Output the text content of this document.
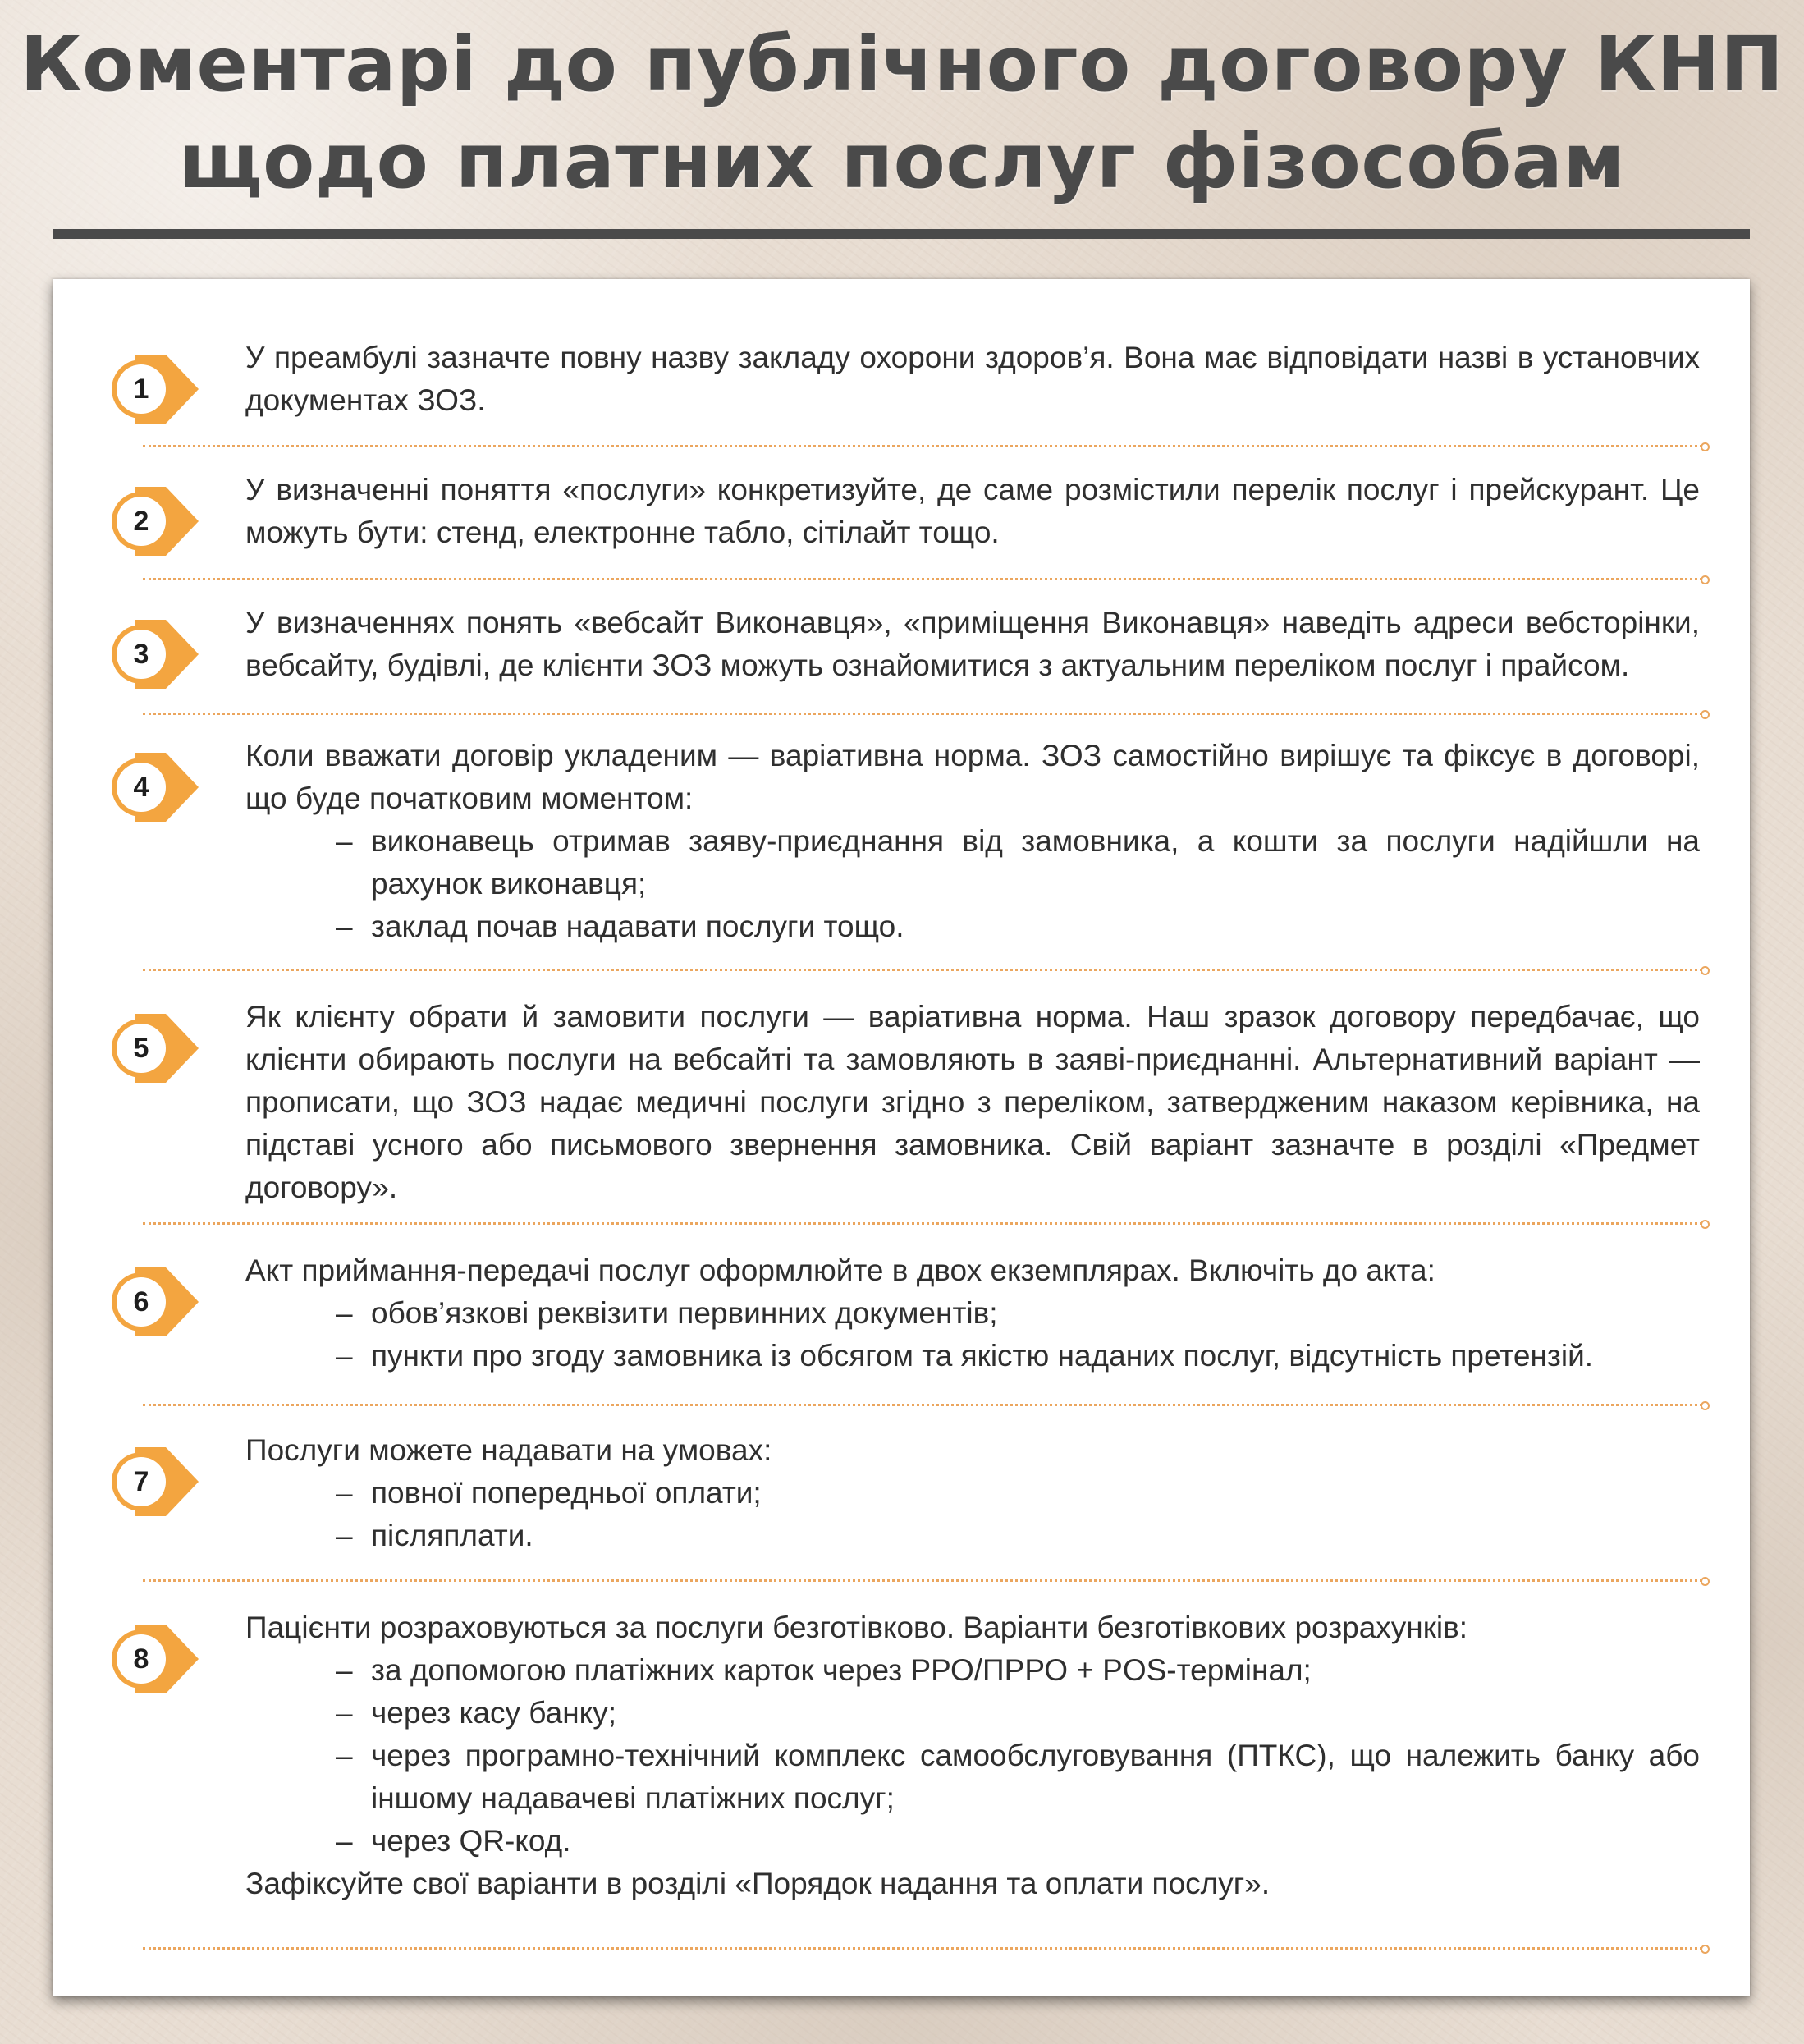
Коментарі до публічного договору КНП
щодо платних послуг фізособам
1

У преамбулі зазначте повну назву закладу охорони здоров’я. Вона має відповідати назві в установчих документах ЗОЗ.

2

У визначенні поняття «послуги» конкретизуйте, де саме розмістили перелік послуг і прейскурант. Це можуть бути: стенд, електронне табло, сітілайт тощо.

3

У визначеннях понять «вебсайт Виконавця», «приміщення Виконавця» наведіть адреси вебсторінки, вебсайту, будівлі, де клієнти ЗОЗ можуть ознайомитися з актуальним переліком послуг і прайсом.

4

Коли вважати договір укладеним — варіативна норма. ЗОЗ самостійно вирішує та фіксує в договорі, що буде початковим моментом:

– виконавець отримав заяву-приєднання від замовника, а кошти за послуги надійшли на рахунок виконавця;
– заклад почав надавати послуги тощо.
5

Як клієнту обрати й замовити послуги — варіативна норма. Наш зразок договору передбачає, що клієнти обирають послуги на вебсайті та замовляють в заяві-приєднанні. Альтернативний варіант — прописати, що ЗОЗ надає медичні послуги згідно з переліком, затвердженим наказом керівника, на підставі усного або письмового звернення замовника. Свій варіант зазначте в розділі «Предмет договору».

6

Акт приймання-передачі послуг оформлюйте в двох екземплярах. Включіть до акта:

– обов’язкові реквізити первинних документів;
– пункти про згоду замовника із обсягом та якістю наданих послуг, відсутність претензій.
7

Послуги можете надавати на умовах:

– повної попередньої оплати;
– післяплати.
8

Пацієнти розраховуються за послуги безготівково. Варіанти безготівкових розрахунків:

– за допомогою платіжних карток через РРО/ПРРО + POS-термінал;
– через касу банку;
– через програмно-технічний комплекс самообслуговування (ПТКС), що належить банку або іншому надавачеві платіжних послуг;
– через QR-код.

Зафіксуйте свої варіанти в розділі «Порядок надання та оплати послуг».
